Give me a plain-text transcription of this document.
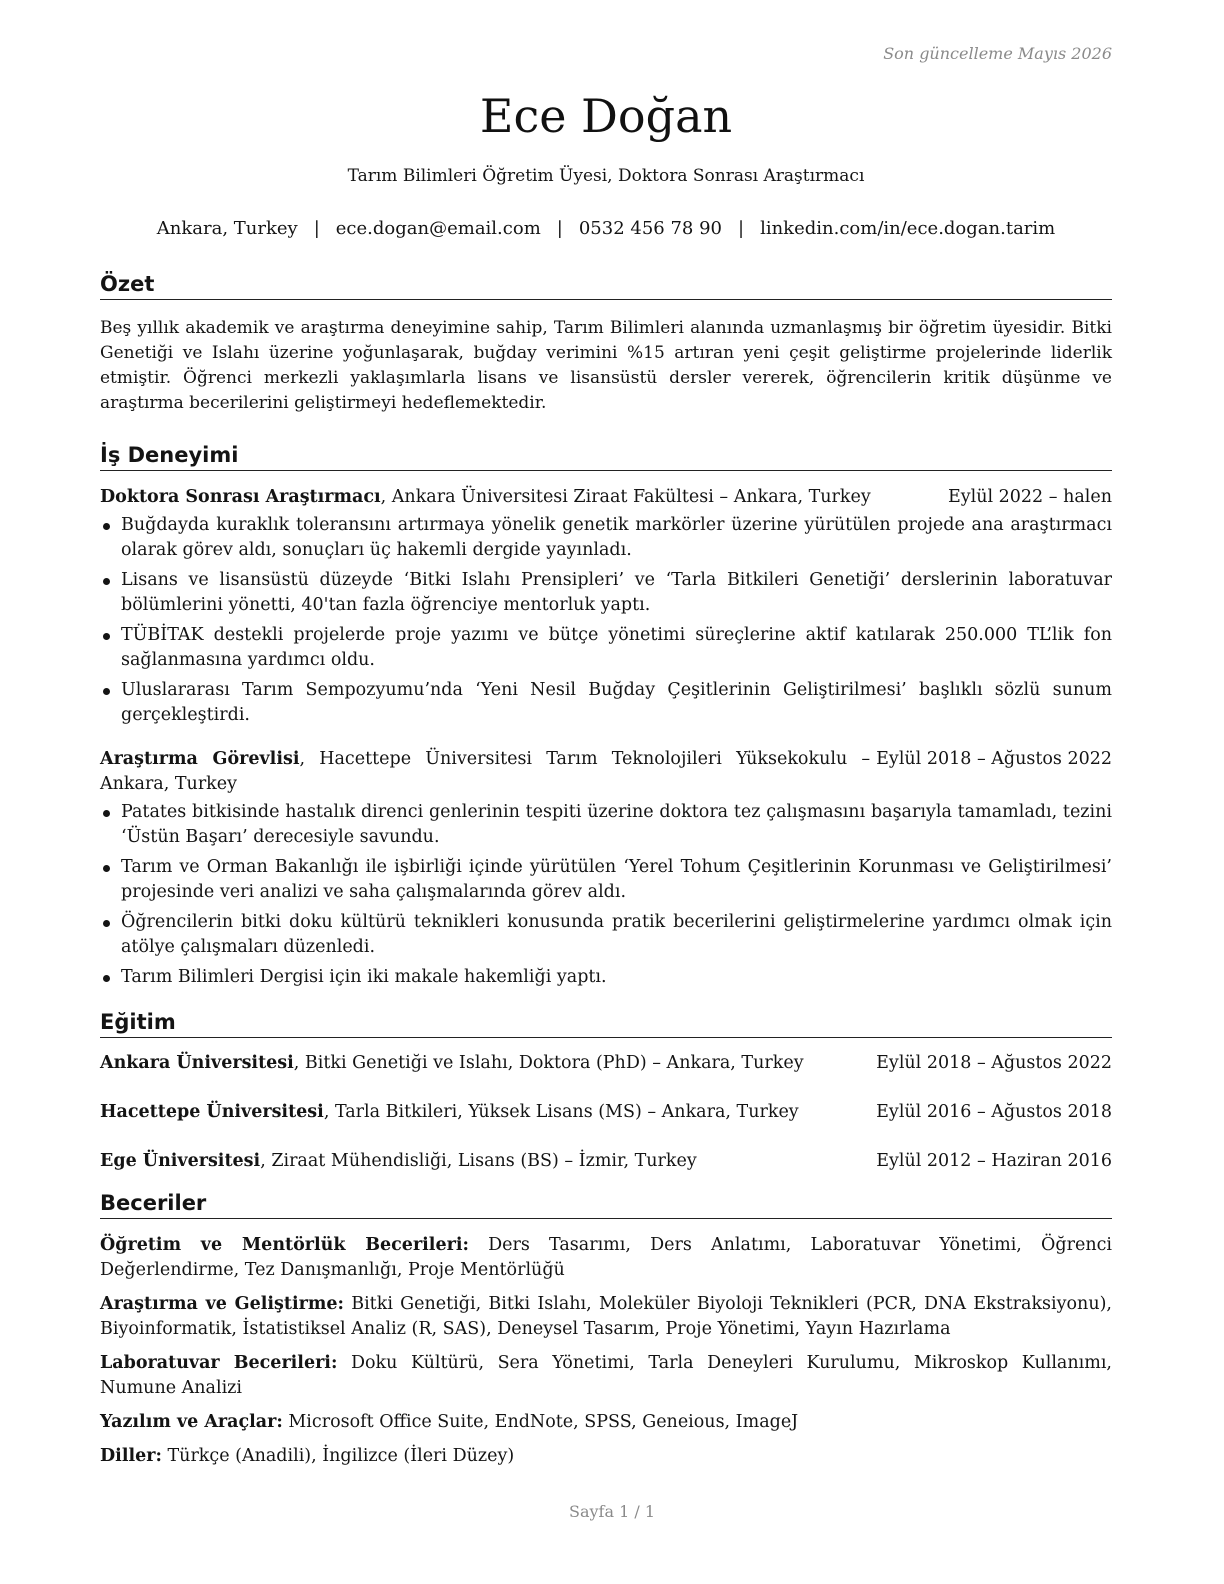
Son güncelleme Mayıs 2026
Ece Doğan
Tarım Bilimleri Öğretim Üyesi, Doktora Sonrası Araştırmacı
Ankara, Turkey | ece.dogan@email.com | 0532 456 78 90 | linkedin.com/in/ece.dogan.tarim
Özet

Beş yıllık akademik ve araştırma deneyimine sahip, Tarım Bilimleri alanında uzmanlaşmış bir öğretim üyesidir. Bitki Genetiği ve Islahı üzerine yoğunlaşarak, buğday verimini %15 artıran yeni çeşit geliştirme projelerinde liderlik etmiştir. Öğrenci merkezli yaklaşımlarla lisans ve lisansüstü dersler vererek, öğrencilerin kritik düşünme ve araştırma becerilerini geliştirmeyi hedeflemektedir.

İş Deneyimi
Doktora Sonrası Araştırmacı, Ankara Üniversitesi Ziraat Fakültesi – Ankara, Turkey	Eylül 2022 – halen
Buğdayda kuraklık toleransını artırmaya yönelik genetik markörler üzerine yürütülen projede ana araştırmacı olarak görev aldı, sonuçları üç hakemli dergide yayınladı.
Lisans ve lisansüstü düzeyde ‘Bitki Islahı Prensipleri’ ve ‘Tarla Bitkileri Genetiği’ derslerinin laboratuvar bölümlerini yönetti, 40'tan fazla öğrenciye mentorluk yaptı.
TÜBİTAK destekli projelerde proje yazımı ve bütçe yönetimi süreçlerine aktif katılarak 250.000 TL’lik fon sağlanmasına yardımcı oldu.
Uluslararası Tarım Sempozyumu’nda ‘Yeni Nesil Buğday Çeşitlerinin Geliştirilmesi’ başlıklı sözlü sunum gerçekleştirdi.
Araştırma Görevlisi, Hacettepe Üniversitesi Tarım Teknolojileri Yüksekokulu – Ankara, Turkey
Eylül 2018 – Ağustos 2022
Patates bitkisinde hastalık direnci genlerinin tespiti üzerine doktora tez çalışmasını başarıyla tamamladı, tezini ‘Üstün Başarı’ derecesiyle savundu.
Tarım ve Orman Bakanlığı ile işbirliği içinde yürütülen ‘Yerel Tohum Çeşitlerinin Korunması ve Geliştirilmesi’ projesinde veri analizi ve saha çalışmalarında görev aldı.
Öğrencilerin bitki doku kültürü teknikleri konusunda pratik becerilerini geliştirmelerine yardımcı olmak için atölye çalışmaları düzenledi.
Tarım Bilimleri Dergisi için iki makale hakemliği yaptı.
Eğitim
Ankara Üniversitesi, Bitki Genetiği ve Islahı, Doktora (PhD) – Ankara, Turkey	Eylül 2018 – Ağustos 2022
Hacettepe Üniversitesi, Tarla Bitkileri, Yüksek Lisans (MS) – Ankara, Turkey	Eylül 2016 – Ağustos 2018
Ege Üniversitesi, Ziraat Mühendisliği, Lisans (BS) – İzmir, Turkey	Eylül 2012 – Haziran 2016
Beceriler

Öğretim ve Mentörlük Becerileri: Ders Tasarımı, Ders Anlatımı, Laboratuvar Yönetimi, Öğrenci Değerlendirme, Tez Danışmanlığı, Proje Mentörlüğü

Araştırma ve Geliştirme: Bitki Genetiği, Bitki Islahı, Moleküler Biyoloji Teknikleri (PCR, DNA Ekstraksiyonu), Biyoinformatik, İstatistiksel Analiz (R, SAS), Deneysel Tasarım, Proje Yönetimi, Yayın Hazırlama

Laboratuvar Becerileri: Doku Kültürü, Sera Yönetimi, Tarla Deneyleri Kurulumu, Mikroskop Kullanımı, Numune Analizi

Yazılım ve Araçlar: Microsoft Office Suite, EndNote, SPSS, Geneious, ImageJ

Diller: Türkçe (Anadili), İngilizce (İleri Düzey)

Sayfa 1 / 1
